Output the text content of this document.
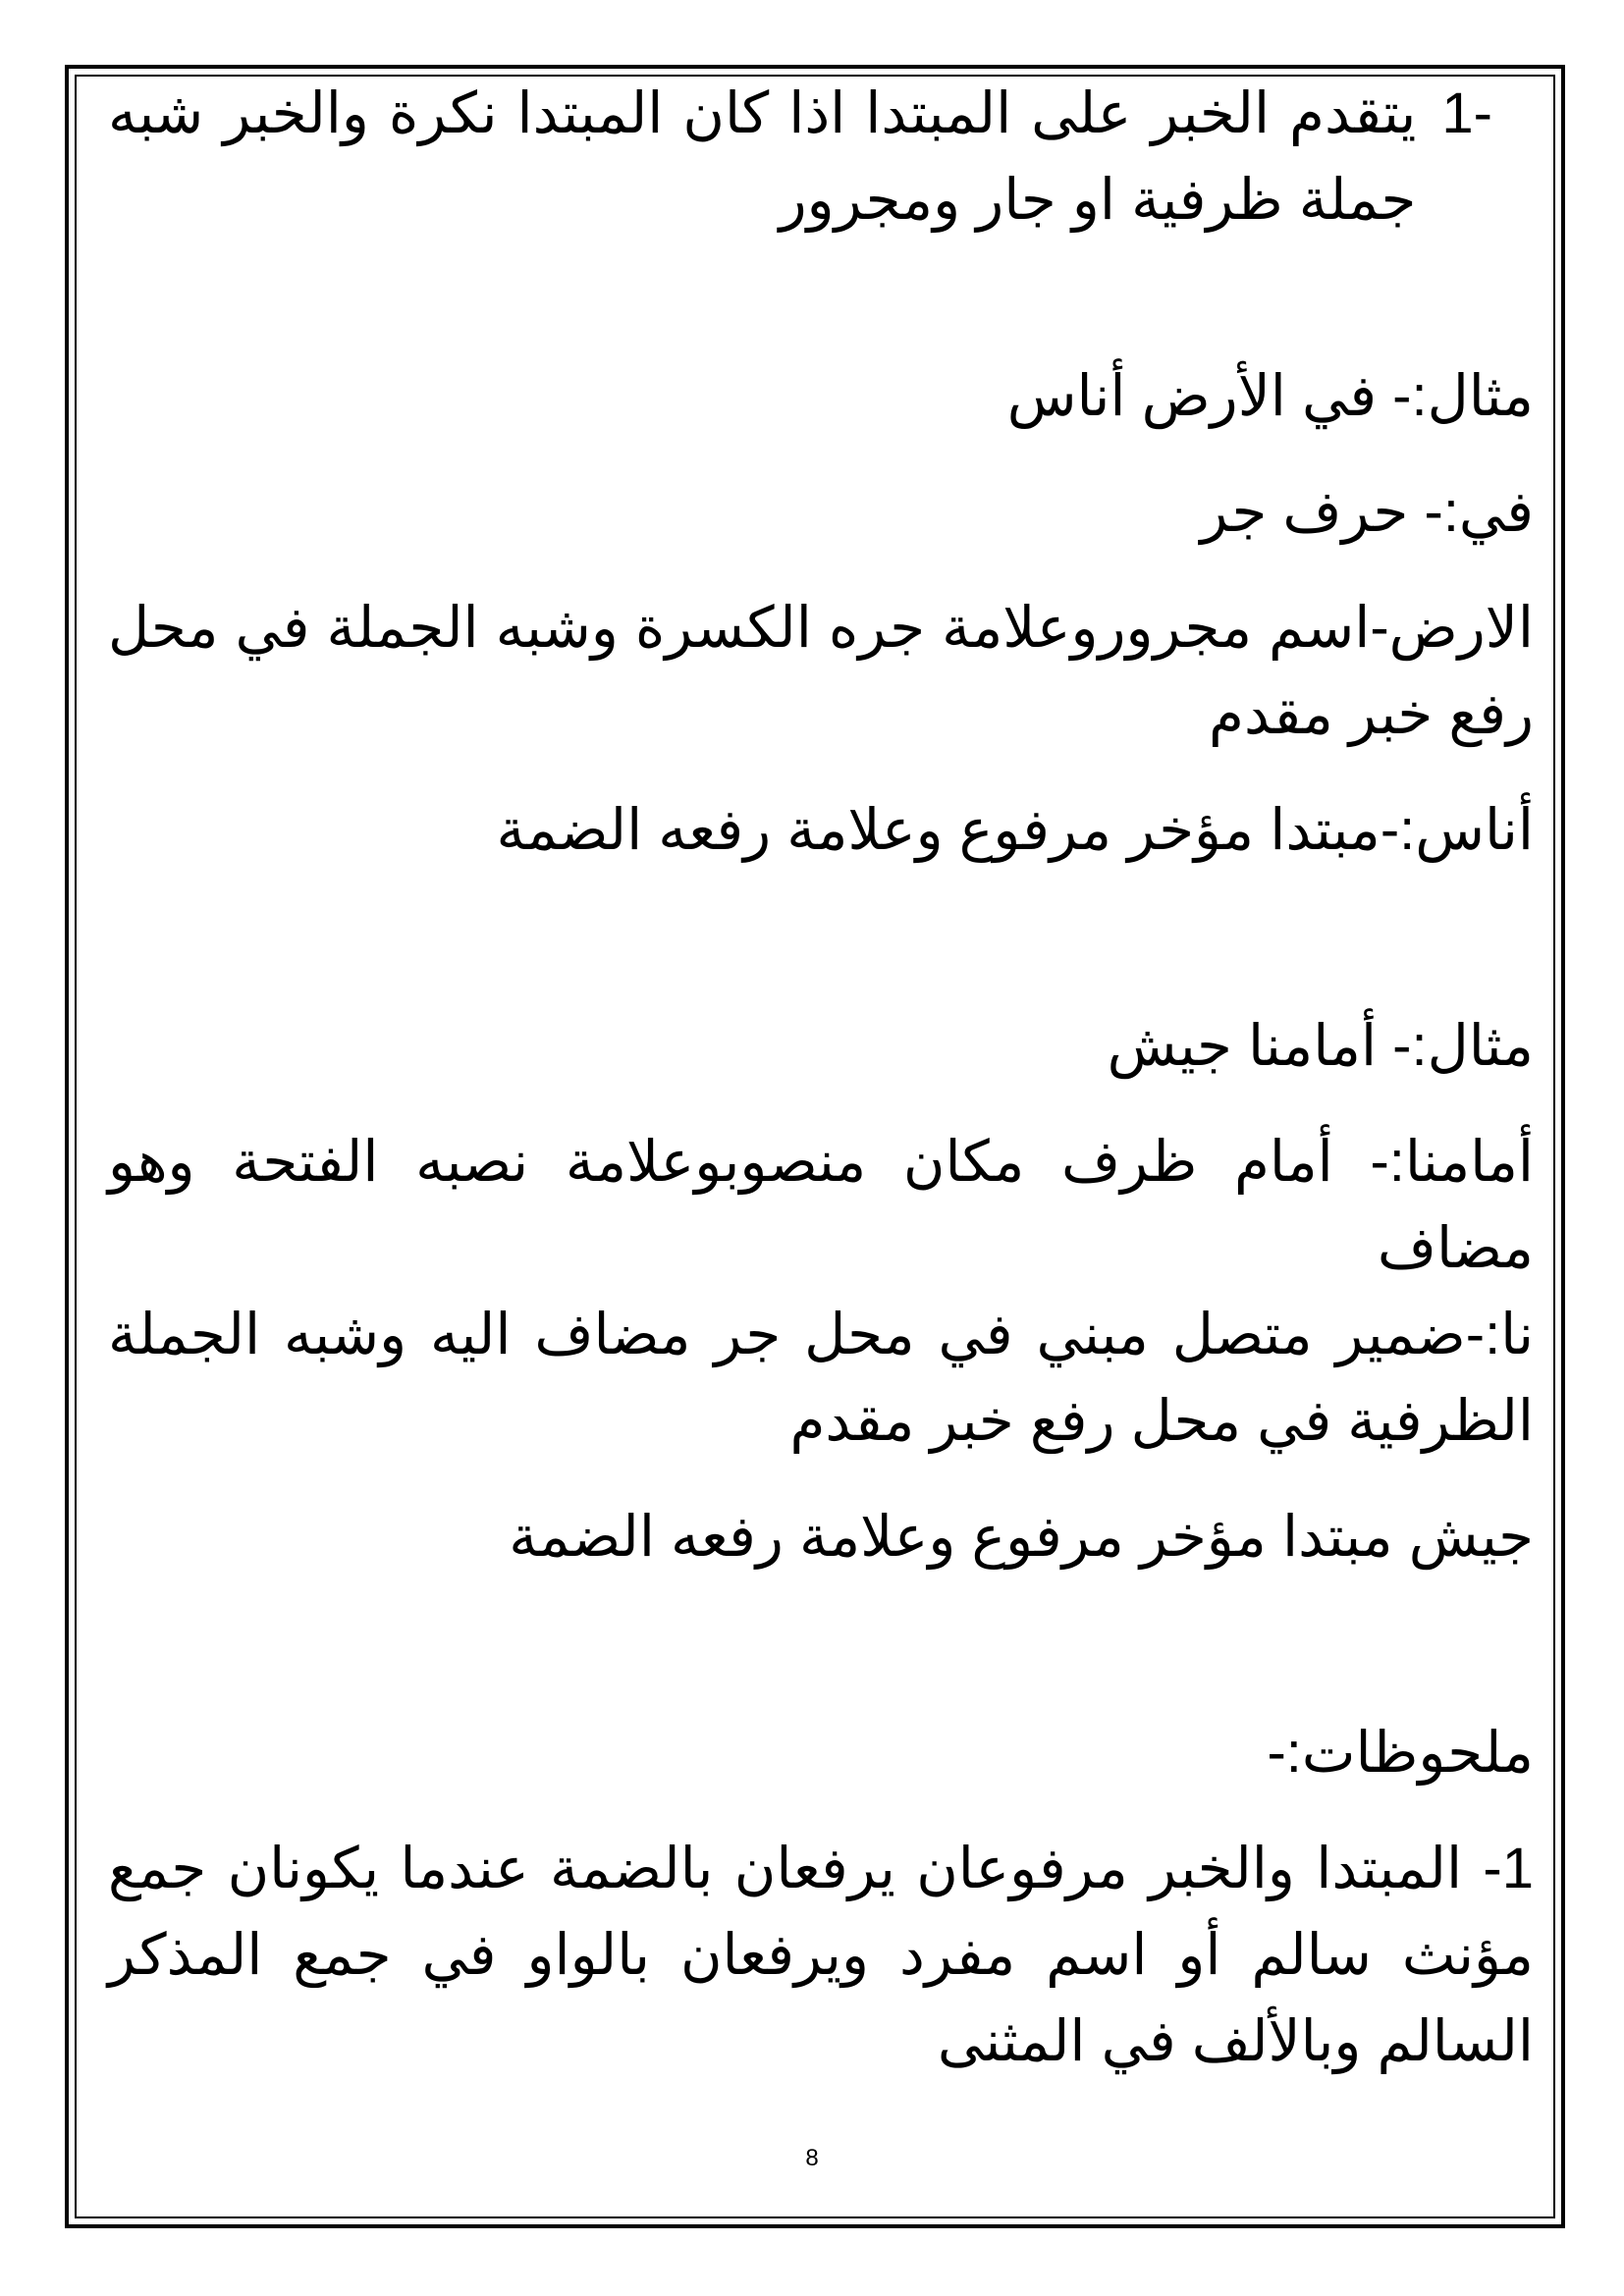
-1
يتقدم الخبر على المبتدا اذا كان المبتدا نكرة والخبر شبه جملة ظرفية او جار ومجرور

مثال:- في الأرض أناس

في:- حرف جر

الارض-اسم مجروروعلامة جره الكسرة وشبه الجملة في محل رفع خبر مقدم

أناس:-مبتدا مؤخر مرفوع وعلامة رفعه الضمة

مثال:- أمامنا جيش

أمامنا:- أمام ظرف مكان منصوبوعلامة نصبه الفتحة وهو مضاف

نا:-ضمير متصل مبني في محل جر مضاف اليه وشبه الجملة الظرفية في محل رفع خبر مقدم

جيش مبتدا مؤخر مرفوع وعلامة رفعه الضمة

ملحوظات:-

1- المبتدا والخبر مرفوعان يرفعان بالضمة عندما يكونان جمع مؤنث سالم أو اسم مفرد ويرفعان بالواو في جمع المذكر السالم وبالألف في المثنى

8
